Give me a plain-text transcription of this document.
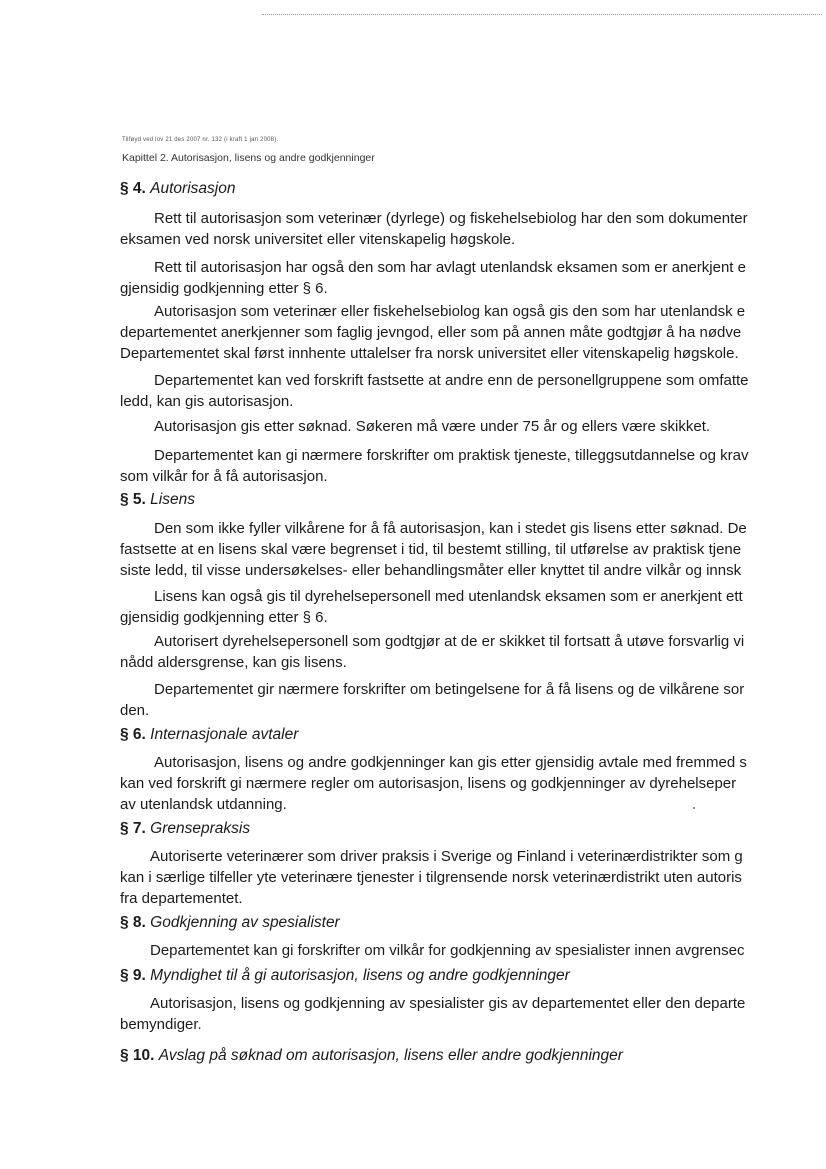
Tilføyd ved lov 21 des 2007 nr. 132 (i kraft 1 jan 2008).
Kapittel 2. Autorisasjon, lisens og andre godkjenninger
§ 4. Autorisasjon
Rett til autorisasjon som veterinær (dyrlege) og fiskehelsebiolog har den som dokumenter
eksamen ved norsk universitet eller vitenskapelig høgskole.
Rett til autorisasjon har også den som har avlagt utenlandsk eksamen som er anerkjent e
gjensidig godkjenning etter § 6.
Autorisasjon som veterinær eller fiskehelsebiolog kan også gis den som har utenlandsk e
departementet anerkjenner som faglig jevngod, eller som på annen måte godtgjør å ha nødve
Departementet skal først innhente uttalelser fra norsk universitet eller vitenskapelig høgskole.
Departementet kan ved forskrift fastsette at andre enn de personellgruppene som omfatte
ledd, kan gis autorisasjon.
Autorisasjon gis etter søknad. Søkeren må være under 75 år og ellers være skikket.
Departementet kan gi nærmere forskrifter om praktisk tjeneste, tilleggsutdannelse og krav
som vilkår for å få autorisasjon.
§ 5. Lisens
Den som ikke fyller vilkårene for å få autorisasjon, kan i stedet gis lisens etter søknad. De
fastsette at en lisens skal være begrenset i tid, til bestemt stilling, til utførelse av praktisk tjene
siste ledd, til visse undersøkelses- eller behandlingsmåter eller knyttet til andre vilkår og innsk
Lisens kan også gis til dyrehelsepersonell med utenlandsk eksamen som er anerkjent ett
gjensidig godkjenning etter § 6.
Autorisert dyrehelsepersonell som godtgjør at de er skikket til fortsatt å utøve forsvarlig vi
nådd aldersgrense, kan gis lisens.
Departementet gir nærmere forskrifter om betingelsene for å få lisens og de vilkårene sor
den.
§ 6. Internasjonale avtaler
Autorisasjon, lisens og andre godkjenninger kan gis etter gjensidig avtale med fremmed s
kan ved forskrift gi nærmere regler om autorisasjon, lisens og godkjenninger av dyrehelseper
av utenlandsk utdanning.
§ 7. Grensepraksis
Autoriserte veterinærer som driver praksis i Sverige og Finland i veterinærdistrikter som g
kan i særlige tilfeller yte veterinære tjenester i tilgrensende norsk veterinærdistrikt uten autoris
fra departementet.
§ 8. Godkjenning av spesialister
Departementet kan gi forskrifter om vilkår for godkjenning av spesialister innen avgrensec
§ 9. Myndighet til å gi autorisasjon, lisens og andre godkjenninger
Autorisasjon, lisens og godkjenning av spesialister gis av departementet eller den departe
bemyndiger.
§ 10. Avslag på søknad om autorisasjon, lisens eller andre godkjenninger
